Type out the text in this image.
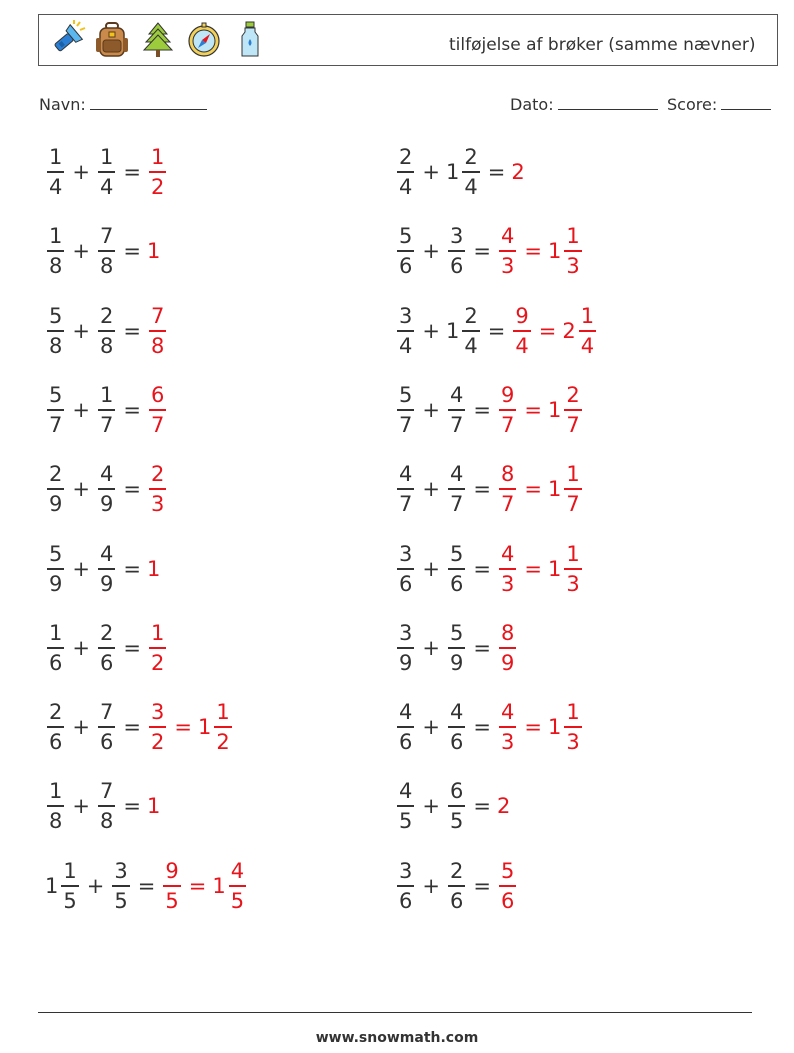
tilføjelse af brøker (samme nævner)
Navn:	Dato:	Score:
$\frac{1}{4} + \frac{1}{4} = \frac{1}{2}$	$\frac{2}{4} + 1 \frac{2}{4} = 2$
$\frac{1}{8} + \frac{7}{8} = 1$	$\frac{5}{6} + \frac{3}{6} = \frac{4}{3} = 1 \frac{1}{3}$
$\frac{5}{8} + \frac{2}{8} = \frac{7}{8}$	$\frac{3}{4} + 1 \frac{2}{4} = \frac{9}{4} = 2 \frac{1}{4}$
$\frac{5}{7} + \frac{1}{7} = \frac{6}{7}$	$\frac{5}{7} + \frac{4}{7} = \frac{9}{7} = 1 \frac{2}{7}$
$\frac{2}{9} + \frac{4}{9} = \frac{2}{3}$	$\frac{4}{7} + \frac{4}{7} = \frac{8}{7} = 1 \frac{1}{7}$
$\frac{5}{9} + \frac{4}{9} = 1$	$\frac{3}{6} + \frac{5}{6} = \frac{4}{3} = 1 \frac{1}{3}$
$\frac{1}{6} + \frac{2}{6} = \frac{1}{2}$	$\frac{3}{9} + \frac{5}{9} = \frac{8}{9}$
$\frac{2}{6} + \frac{7}{6} = \frac{3}{2} = 1 \frac{1}{2}$	$\frac{4}{6} + \frac{4}{6} = \frac{4}{3} = 1 \frac{1}{3}$
$\frac{1}{8} + \frac{7}{8} = 1$	$\frac{4}{5} + \frac{6}{5} = 2$
$1 \frac{1}{5} + \frac{3}{5} = \frac{9}{5} = 1 \frac{4}{5}$	$\frac{3}{6} + \frac{2}{6} = \frac{5}{6}$
www.snowmath.com
